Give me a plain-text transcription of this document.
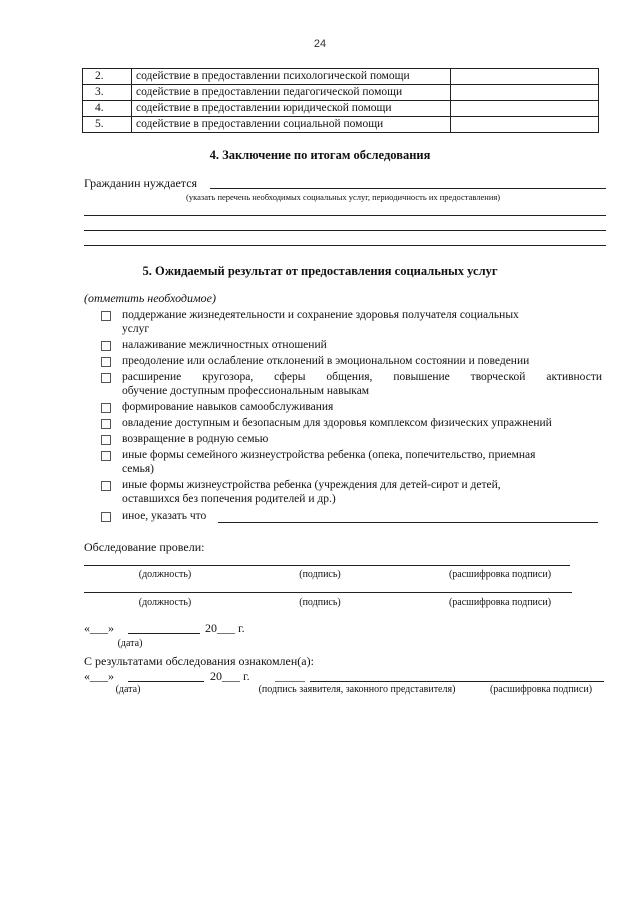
24
2.	содействие в предоставлении психологической помощи	
3.	содействие в предоставлении педагогической помощи	
4.	содействие в предоставлении юридической помощи	
5.	содействие в предоставлении социальной помощи	
4. Заключение по итогам обследования
Гражданин нуждается
(указать перечень необходимых социальных услуг, периодичность их предоставления)
5. Ожидаемый результат от предоставления социальных услуг
(отметить необходимое)
поддержание жизнедеятельности и сохранение здоровья получателя социальных
услуг
налаживание межличностных отношений
преодоление или ослабление отклонений в эмоциональном состоянии и поведении
расширение кругозора, сферы общения, повышение творческой активности
обучение доступным профессиональным навыкам
формирование навыков самообслуживания
овладение доступным и безопасным для здоровья комплексом физических упражнений
возвращение в родную семью
иные формы семейного жизнеустройства ребенка (опека, попечительство, приемная
семья)
иные формы жизнеустройства ребенка (учреждения для детей-сирот и детей,
оставшихся без попечения родителей и др.)
иное, указать что
Обследование провели:
(должность)	(подпись)	(расшифровка подписи)
(должность)	(подпись)	(расшифровка подписи)
«___»	20___ г.
(дата)
С результатами обследования ознакомлен(а):
«___»	20___ г. _____
(дата)	(подпись заявителя, законного представителя)	(расшифровка подписи)
